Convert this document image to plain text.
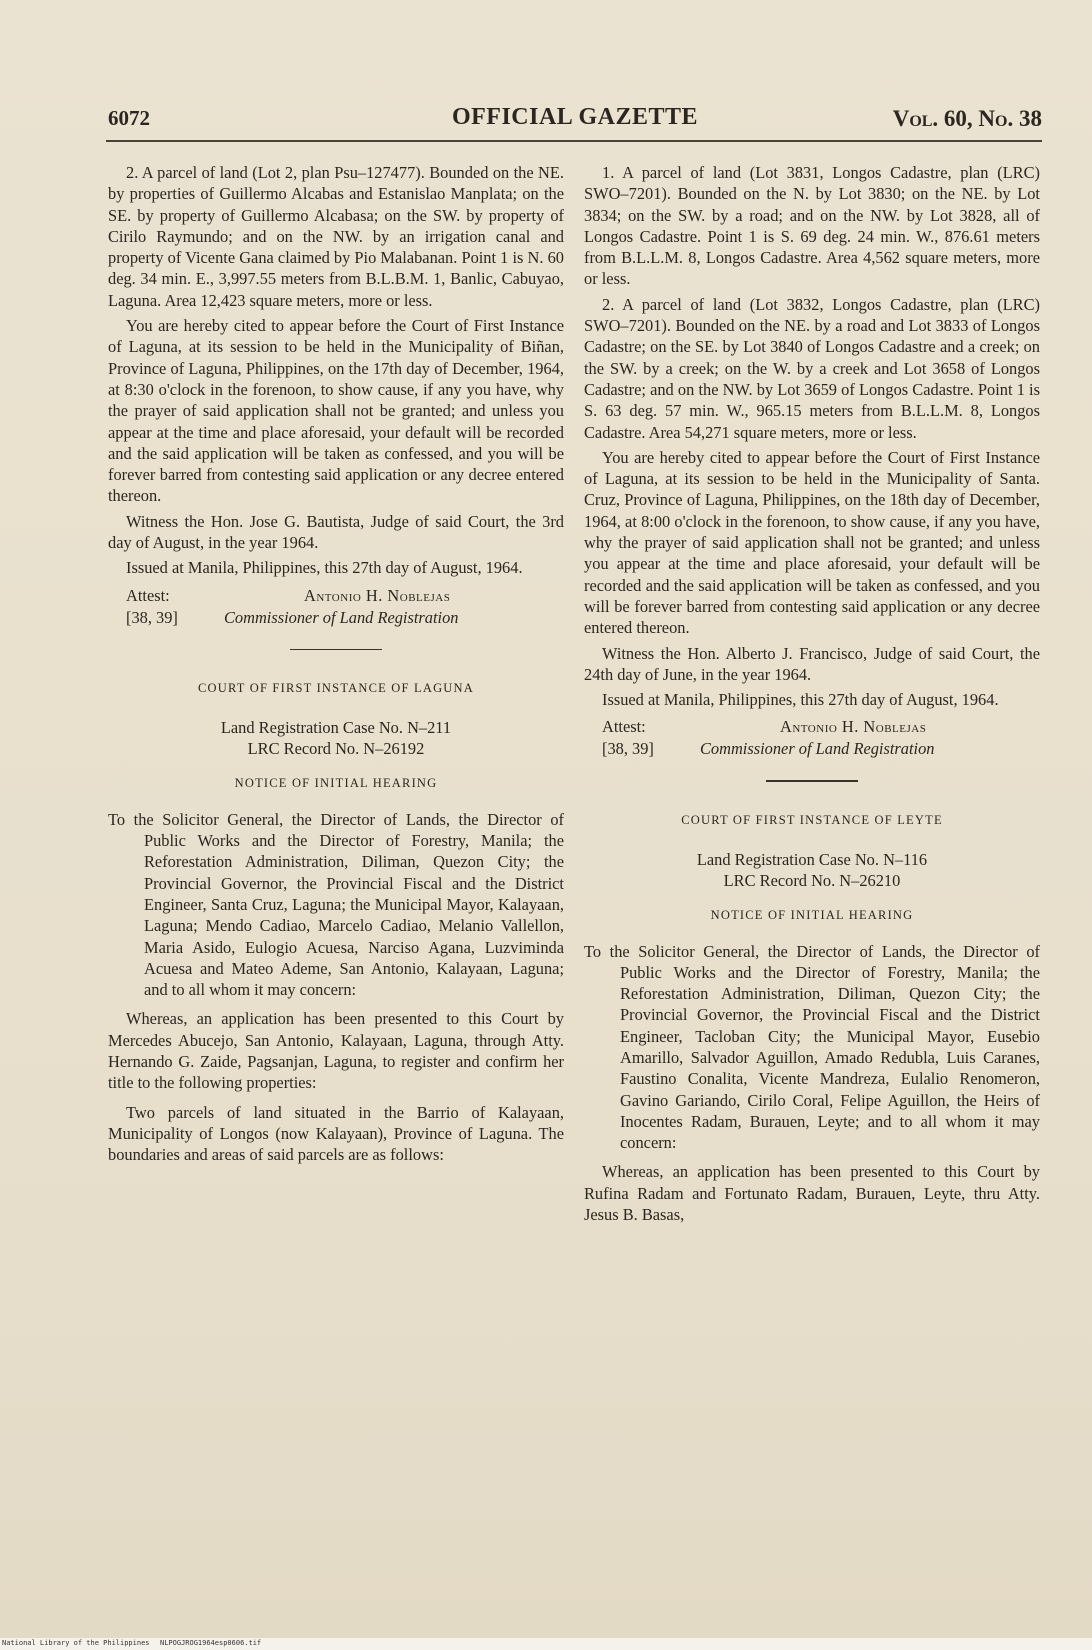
6072	OFFICIAL GAZETTE	Vol. 60, No. 38

2. A parcel of land (Lot 2, plan Psu–127477). Bounded on the NE. by properties of Guillermo Alcabas and Estanislao Manplata; on the SE. by property of Guillermo Alcabasa; on the SW. by property of Cirilo Raymundo; and on the NW. by an irrigation canal and property of Vicente Gana claimed by Pio Malabanan. Point 1 is N. 60 deg. 34 min. E., 3,997.55 meters from B.L.B.M. 1, Banlic, Cabuyao, Laguna. Area 12,423 square meters, more or less.

You are hereby cited to appear before the Court of First Instance of Laguna, at its session to be held in the Municipality of Biñan, Province of Laguna, Philippines, on the 17th day of December, 1964, at 8:30 o'clock in the forenoon, to show cause, if any you have, why the prayer of said application shall not be granted; and unless you appear at the time and place aforesaid, your default will be recorded and the said application will be taken as confessed, and you will be forever barred from contesting said application or any decree entered thereon.

Witness the Hon. Jose G. Bautista, Judge of said Court, the 3rd day of August, in the year 1964.

Issued at Manila, Philippines, this 27th day of August, 1964.

Attest:
[38, 39]
Antonio H. Noblejas
Commissioner of Land Registration
COURT OF FIRST INSTANCE OF LAGUNA
Land Registration Case No. N–211
LRC Record No. N–26192
NOTICE OF INITIAL HEARING

To the Solicitor General, the Director of Lands, the Director of Public Works and the Director of Forestry, Manila; the Reforestation Administration, Diliman, Quezon City; the Provincial Governor, the Provincial Fiscal and the District Engineer, Santa Cruz, Laguna; the Municipal Mayor, Kalayaan, Laguna; Mendo Cadiao, Marcelo Cadiao, Melanio Vallellon, Maria Asido, Eulogio Acuesa, Narciso Agana, Luzviminda Acuesa and Mateo Ademe, San Antonio, Kalayaan, Laguna; and to all whom it may concern:

Whereas, an application has been presented to this Court by Mercedes Abucejo, San Antonio, Kalayaan, Laguna, through Atty. Hernando G. Zaide, Pagsanjan, Laguna, to register and confirm her title to the following properties:

Two parcels of land situated in the Barrio of Kalayaan, Municipality of Longos (now Kalayaan), Province of Laguna. The boundaries and areas of said parcels are as follows:

1. A parcel of land (Lot 3831, Longos Cadastre, plan (LRC) SWO–7201). Bounded on the N. by Lot 3830; on the NE. by Lot 3834; on the SW. by a road; and on the NW. by Lot 3828, all of Longos Cadastre. Point 1 is S. 69 deg. 24 min. W., 876.61 meters from B.L.L.M. 8, Longos Cadastre. Area 4,562 square meters, more or less.

2. A parcel of land (Lot 3832, Longos Cadastre, plan (LRC) SWO–7201). Bounded on the NE. by a road and Lot 3833 of Longos Cadastre; on the SE. by Lot 3840 of Longos Cadastre and a creek; on the SW. by a creek; on the W. by a creek and Lot 3658 of Longos Cadastre; and on the NW. by Lot 3659 of Longos Cadastre. Point 1 is S. 63 deg. 57 min. W., 965.15 meters from B.L.L.M. 8, Longos Cadastre. Area 54,271 square meters, more or less.

You are hereby cited to appear before the Court of First Instance of Laguna, at its session to be held in the Municipality of Santa. Cruz, Province of Laguna, Philippines, on the 18th day of December, 1964, at 8:00 o'clock in the forenoon, to show cause, if any you have, why the prayer of said application shall not be granted; and unless you appear at the time and place aforesaid, your default will be recorded and the said application will be taken as confessed, and you will be forever barred from contesting said application or any decree entered thereon.

Witness the Hon. Alberto J. Francisco, Judge of said Court, the 24th day of June, in the year 1964.

Issued at Manila, Philippines, this 27th day of August, 1964.

Attest:
[38, 39]
Antonio H. Noblejas
Commissioner of Land Registration
COURT OF FIRST INSTANCE OF LEYTE
Land Registration Case No. N–116
LRC Record No. N–26210
NOTICE OF INITIAL HEARING

To the Solicitor General, the Director of Lands, the Director of Public Works and the Director of Forestry, Manila; the Reforestation Administration, Diliman, Quezon City; the Provincial Governor, the Provincial Fiscal and the District Engineer, Tacloban City; the Municipal Mayor, Eusebio Amarillo, Salvador Aguillon, Amado Redubla, Luis Caranes, Faustino Conalita, Vicente Mandreza, Eulalio Renomeron, Gavino Gariando, Cirilo Coral, Felipe Aguillon, the Heirs of Inocentes Radam, Burauen, Leyte; and to all whom it may concern:

Whereas, an application has been presented to this Court by Rufina Radam and Fortunato Radam, Burauen, Leyte, thru Atty. Jesus B. Basas,

National Library of the Philippines NLPOGJROG1964esp0606.tif
